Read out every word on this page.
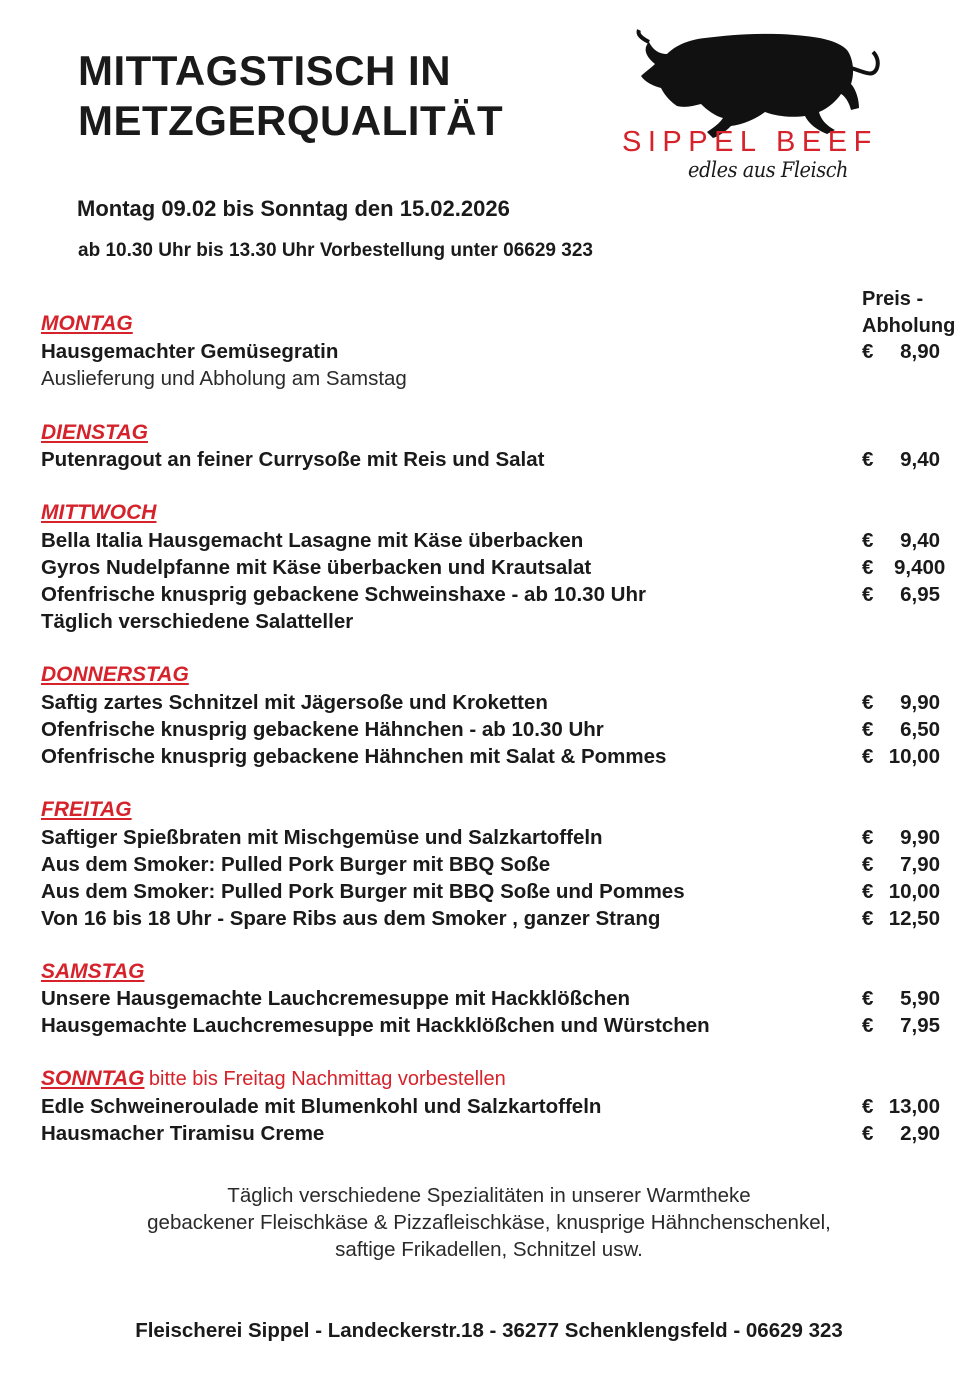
MITTAGSTISCH IN
METZGERQUALITÄT	SIPPEL BEEF
edles aus Fleisch
Montag 09.02 bis Sonntag den 15.02.2026
ab 10.30 Uhr bis 13.30 Uhr Vorbestellung unter 06629 323
Preis -
Abholung
MONTAG
Hausgemachter Gemüsegratin	€ 8,90
Auslieferung und Abholung am Samstag
DIENSTAG
Putenragout an feiner Currysoße mit Reis und Salat	€ 9,40
MITTWOCH
Bella Italia Hausgemacht Lasagne mit Käse überbacken	€ 9,40
Gyros Nudelpfanne mit Käse überbacken und Krautsalat	€ 9,400
Ofenfrische knusprig gebackene Schweinshaxe - ab 10.30 Uhr	€ 6,95
Täglich verschiedene Salatteller
DONNERSTAG
Saftig zartes Schnitzel mit Jägersoße und Kroketten	€ 9,90
Ofenfrische knusprig gebackene Hähnchen - ab 10.30 Uhr	€ 6,50
Ofenfrische knusprig gebackene Hähnchen mit Salat & Pommes	€ 10,00
FREITAG
Saftiger Spießbraten mit Mischgemüse und Salzkartoffeln	€ 9,90
Aus dem Smoker: Pulled Pork Burger mit BBQ Soße	€ 7,90
Aus dem Smoker: Pulled Pork Burger mit BBQ Soße und Pommes	€ 10,00
Von 16 bis 18 Uhr - Spare Ribs aus dem Smoker , ganzer Strang	€ 12,50
SAMSTAG
Unsere Hausgemachte Lauchcremesuppe mit Hackklößchen	€ 5,90
Hausgemachte Lauchcremesuppe mit Hackklößchen und Würstchen	€ 7,95
SONNTAG bitte bis Freitag Nachmittag vorbestellen
Edle Schweineroulade mit Blumenkohl und Salzkartoffeln	€ 13,00
Hausmacher Tiramisu Creme	€ 2,90
Täglich verschiedene Spezialitäten in unserer Warmtheke
gebackener Fleischkäse & Pizzafleischkäse, knusprige Hähnchenschenkel,
saftige Frikadellen, Schnitzel usw.
Fleischerei Sippel - Landeckerstr.18 - 36277 Schenklengsfeld - 06629 323
